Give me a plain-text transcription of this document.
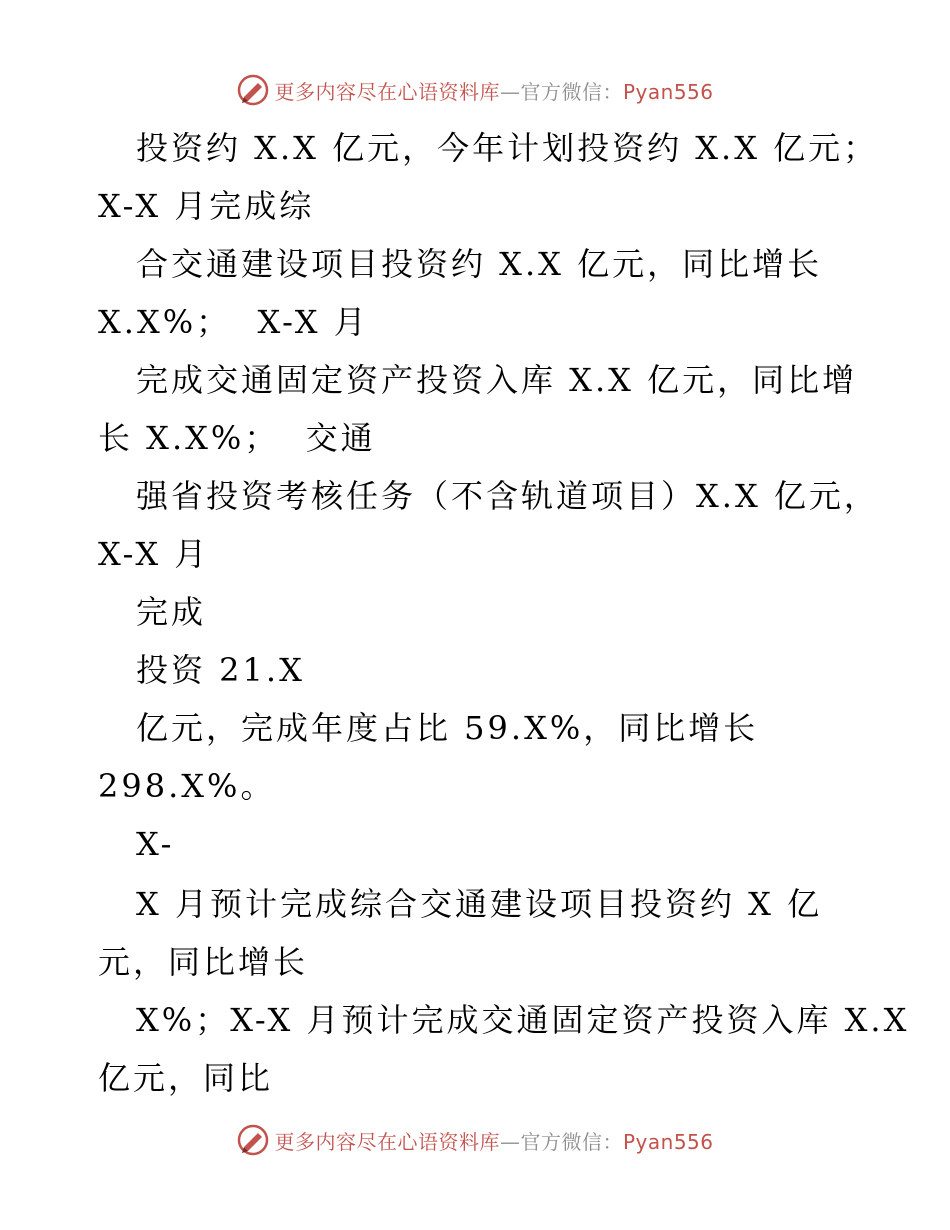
更多内容尽在心语资料库—官方微信：Pyan556
投资约 X.X 亿元，今年计划投资约 X.X 亿元；
X-X 月完成综
合交通建设项目投资约 X.X 亿元，同比增长
X.X%；  X-X 月
完成交通固定资产投资入库 X.X 亿元，同比增
长 X.X%；  交通
强省投资考核任务（不含轨道项目）X.X 亿元，
X-X 月
完成
投资 21.X
亿元，完成年度占比 59.X%，同比增长
298.X%。
X-
X 月预计完成综合交通建设项目投资约 X 亿
元，同比增长
X%；X-X 月预计完成交通固定资产投资入库 X.X
亿元，同比
更多内容尽在心语资料库—官方微信：Pyan556
